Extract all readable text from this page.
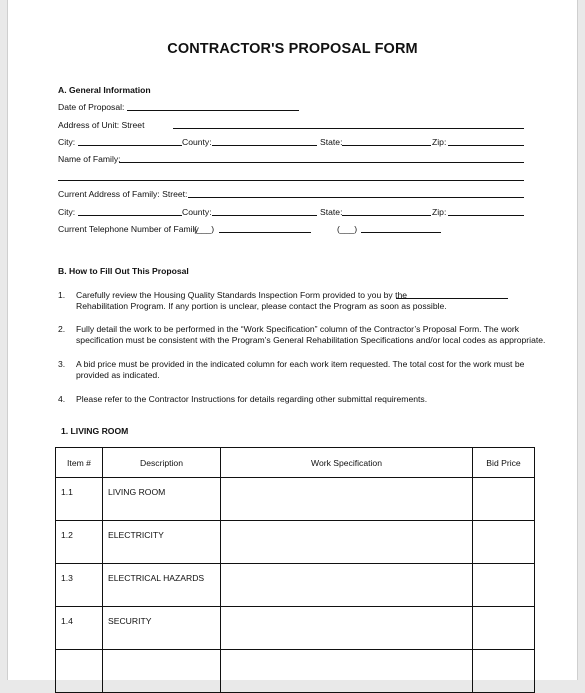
CONTRACTOR'S PROPOSAL FORM
A. General Information
Date of Proposal:
Address of Unit: Street
City:	County:	State:	Zip:
Name of Family:
Current Address of Family: Street:
City:	County:	State:	Zip:
Current Telephone Number of Family
(___)	(___)
B. How to Fill Out This Proposal
1. Carefully review the Housing Quality Standards Inspection Form provided to you by the
Rehabilitation Program. If any portion is unclear, please contact the Program as soon as possible.
2. Fully detail the work to be performed in the “Work Specification” column of the Contractor’s Proposal Form. The work
specification must be consistent with the Program’s General Rehabilitation Specifications and/or local codes as appropriate.
3. A bid price must be provided in the indicated column for each work item requested. The total cost for the work must be
provided as indicated.
4. Please refer to the Contractor Instructions for details regarding other submittal requirements.
1. LIVING ROOM
Item #	Description	Work Specification	Bid Price

1.1	LIVING ROOM		

1.2	ELECTRICITY		

1.3	ELECTRICAL HAZARDS		

1.4	SECURITY		
